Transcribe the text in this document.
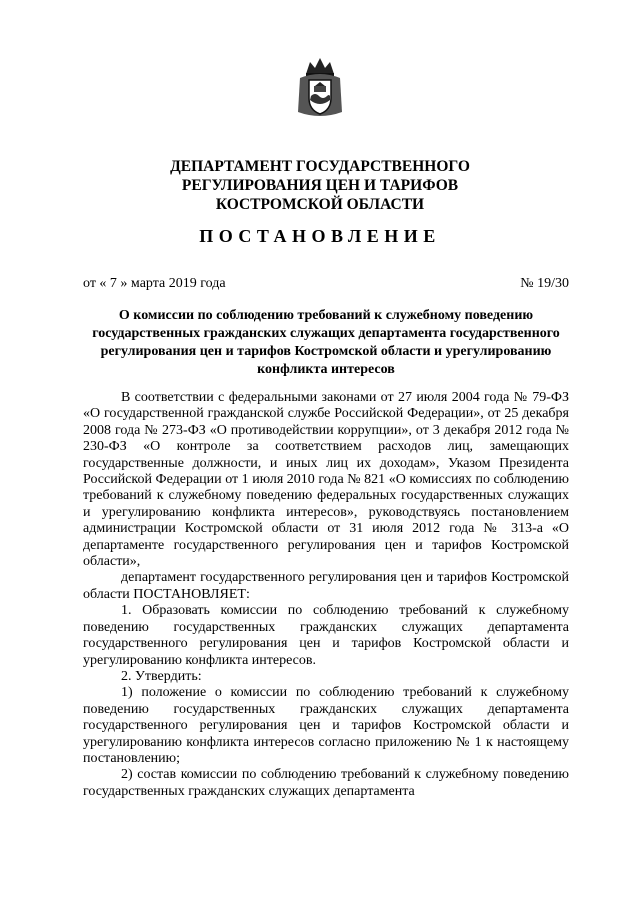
ДЕПАРТАМЕНТ ГОСУДАРСТВЕННОГО
РЕГУЛИРОВАНИЯ ЦЕН И ТАРИФОВ
КОСТРОМСКОЙ ОБЛАСТИ
ПОСТАНОВЛЕНИЕ
от « 7 » марта 2019 года	№ 19/30
О комиссии по соблюдению требований к служебному поведению государственных гражданских служащих департамента государственного регулирования цен и тарифов Костромской области и урегулированию конфликта интересов

В соответствии с федеральными законами от 27 июля 2004 года № 79-ФЗ «О государственной гражданской службе Российской Федерации», от 25 декабря 2008 года № 273-ФЗ «О противодействии коррупции», от 3 декабря 2012 года № 230-ФЗ «О контроле за соответствием расходов лиц, замещающих государственные должности, и иных лиц их доходам», Указом Президента Российской Федерации от 1 июля 2010 года № 821 «О комиссиях по соблюдению требований к служебному поведению федеральных государственных служащих и урегулированию конфликта интересов», руководствуясь постановлением администрации Костромской области от 31 июля 2012 года № 313-а «О департаменте государственного регулирования цен и тарифов Костромской области»,

департамент государственного регулирования цен и тарифов Костромской области ПОСТАНОВЛЯЕТ:

1. Образовать комиссии по соблюдению требований к служебному поведению государственных гражданских служащих департамента государственного регулирования цен и тарифов Костромской области и урегулированию конфликта интересов.

2. Утвердить:

1) положение о комиссии по соблюдению требований к служебному поведению государственных гражданских служащих департамента государственного регулирования цен и тарифов Костромской области и урегулированию конфликта интересов согласно приложению № 1 к настоящему постановлению;

2) состав комиссии по соблюдению требований к служебному поведению государственных гражданских служащих департамента
